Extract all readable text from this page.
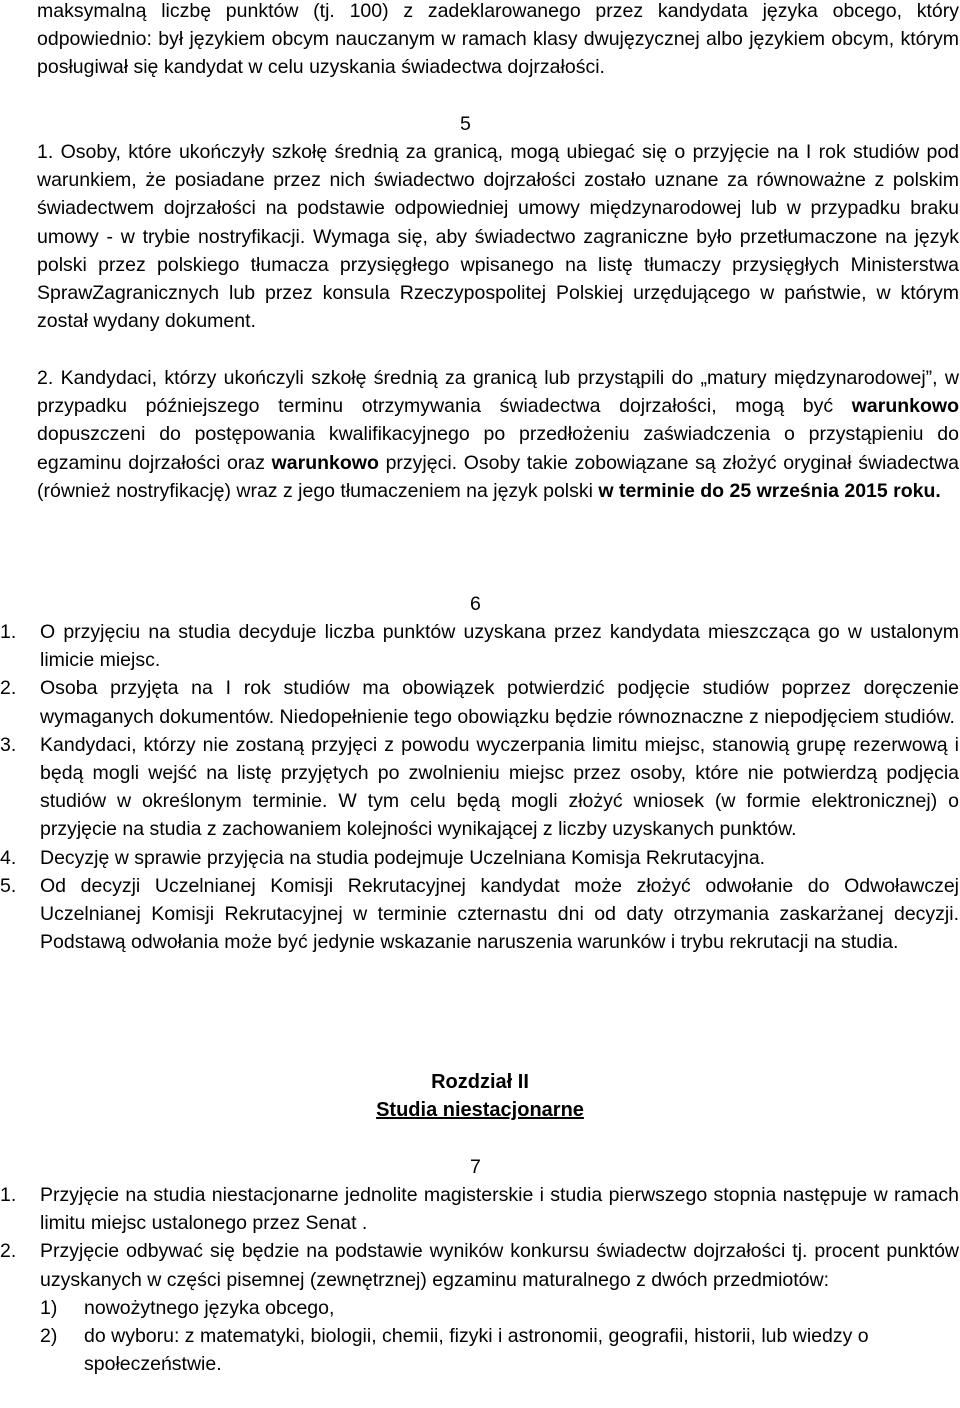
maksymalną liczbę punktów (tj. 100) z zadeklarowanego przez kandydata języka obcego, który odpowiednio: był językiem obcym nauczanym w ramach klasy dwujęzycznej albo językiem obcym, którym posługiwał się kandydat w celu uzyskania świadectwa dojrzałości.

5

1. Osoby, które ukończyły szkołę średnią za granicą, mogą ubiegać się o przyjęcie na I rok studiów pod warunkiem, że posiadane przez nich świadectwo dojrzałości zostało uznane za równoważne z polskim świadectwem dojrzałości na podstawie odpowiedniej umowy międzynarodowej lub w przypadku braku umowy - w trybie nostryfikacji. Wymaga się, aby świadectwo zagraniczne było przetłumaczone na język polski przez polskiego tłumacza przysięgłego wpisanego na listę tłumaczy przysięgłych Ministerstwa SprawZagranicznych lub przez konsula Rzeczypospolitej Polskiej urzędującego w państwie, w którym został wydany dokument.

2. Kandydaci, którzy ukończyli szkołę średnią za granicą lub przystąpili do „matury międzynarodowej”, w przypadku późniejszego terminu otrzymywania świadectwa dojrzałości, mogą być warunkowo dopuszczeni do postępowania kwalifikacyjnego po przedłożeniu zaświadczenia o przystąpieniu do egzaminu dojrzałości oraz warunkowo przyjęci. Osoby takie zobowiązane są złożyć oryginał świadectwa (również nostryfikację) wraz z jego tłumaczeniem na język polski w terminie do 25 września 2015 roku.

6
1.	O przyjęciu na studia decyduje liczba punktów uzyskana przez kandydata mieszcząca go w ustalonym limicie miejsc.
2.	Osoba przyjęta na I rok studiów ma obowiązek potwierdzić podjęcie studiów poprzez doręczenie wymaganych dokumentów. Niedopełnienie tego obowiązku będzie równoznaczne z niepodjęciem studiów.
3.	Kandydaci, którzy nie zostaną przyjęci z powodu wyczerpania limitu miejsc, stanowią grupę rezerwową i będą mogli wejść na listę przyjętych po zwolnieniu miejsc przez osoby, które nie potwierdzą podjęcia studiów w określonym terminie. W tym celu będą mogli złożyć wniosek (w formie elektronicznej) o przyjęcie na studia z zachowaniem kolejności wynikającej z liczby uzyskanych punktów.
4.	Decyzję w sprawie przyjęcia na studia podejmuje Uczelniana Komisja Rekrutacyjna.
5.	Od decyzji Uczelnianej Komisji Rekrutacyjnej kandydat może złożyć odwołanie do Odwoławczej Uczelnianej Komisji Rekrutacyjnej w terminie czternastu dni od daty otrzymania zaskarżanej decyzji. Podstawą odwołania może być jedynie wskazanie naruszenia warunków i trybu rekrutacji na studia.
Rozdział II
Studia niestacjonarne
7
1.	Przyjęcie na studia niestacjonarne jednolite magisterskie i studia pierwszego stopnia następuje w ramach limitu miejsc ustalonego przez Senat .
2.	Przyjęcie odbywać się będzie na podstawie wyników konkursu świadectw dojrzałości tj. procent punktów uzyskanych w części pisemnej (zewnętrznej) egzaminu maturalnego z dwóch przedmiotów:
1)	nowożytnego języka obcego,
2)	do wyboru: z matematyki, biologii, chemii, fizyki i astronomii, geografii, historii, lub wiedzy o społeczeństwie.
